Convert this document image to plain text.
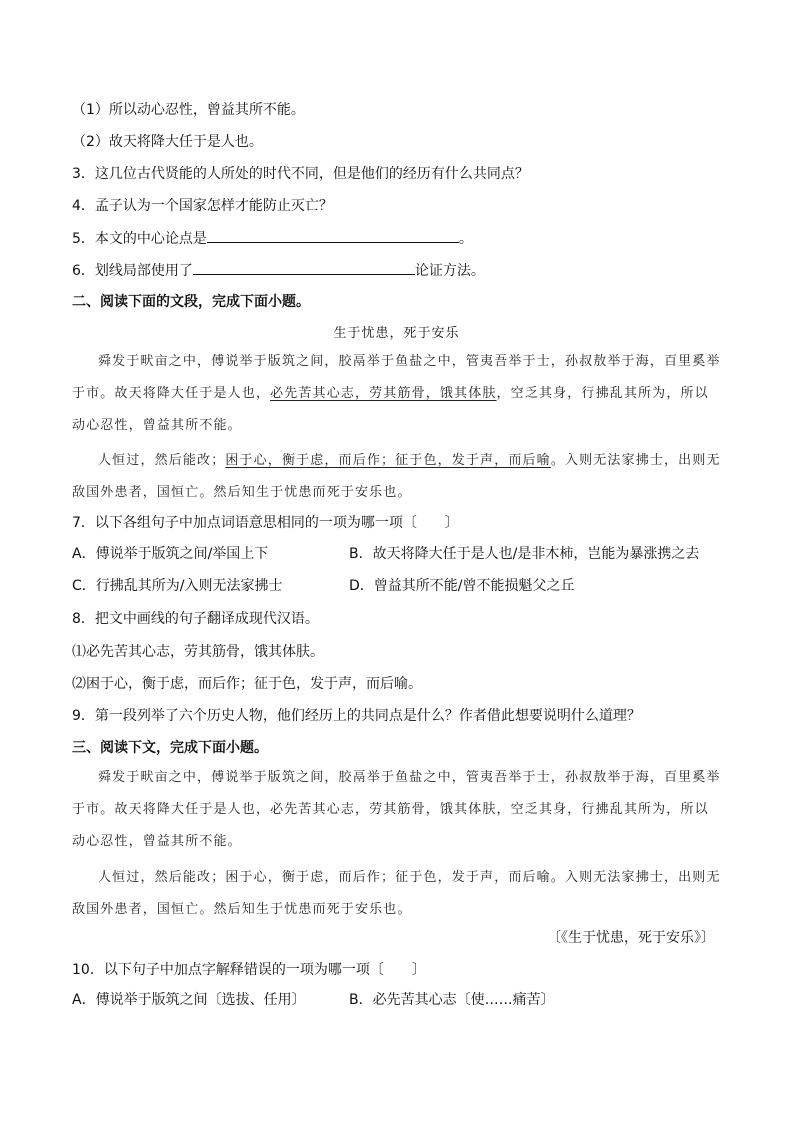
（1）所以动心忍性，曾益其所不能。
（2）故天将降大任于是人也。
3．这几位古代贤能的人所处的时代不同，但是他们的经历有什么共同点？
4．孟子认为一个国家怎样才能防止灭亡？
5．本文的中心论点是	。
6．划线局部使用了	论证方法。
二、阅读下面的文段，完成下面小题。
生于忧患，死于安乐
舜发于畎亩之中，傅说举于版筑之间，胶鬲举于鱼盐之中，管夷吾举于士，孙叔敖举于海，百里奚举于市。故天将降大任于是人也，必先苦其心志，劳其筋骨，饿其体肤，空乏其身，行拂乱其所为，所以动心忍性，曾益其所不能。
人恒过，然后能改；困于心，衡于虑，而后作；征于色，发于声，而后喻。入则无法家拂士，出则无敌国外患者，国恒亡。然后知生于忧患而死于安乐也。
7．以下各组句子中加点词语意思相同的一项为哪一项〔　　〕
A．傅说举于版筑之间/举国上下	B．故天将降大任于是人也/是非木柿，岂能为暴涨携之去
C．行拂乱其所为/入则无法家拂士	D．曾益其所不能/曾不能损魁父之丘
8．把文中画线的句子翻译成现代汉语。
⑴必先苦其心志，劳其筋骨，饿其体肤。
⑵困于心，衡于虑，而后作；征于色，发于声，而后喻。
9．第一段列举了六个历史人物，他们经历上的共同点是什么？作者借此想要说明什么道理？
三、阅读下文，完成下面小题。
舜发于畎亩之中，傅说举于版筑之间，胶鬲举于鱼盐之中，管夷吾举于士，孙叔敖举于海，百里奚举于市。故天将降大任于是人也，必先苦其心志，劳其筋骨，饿其体肤，空乏其身，行拂乱其所为，所以动心忍性，曾益其所不能。
人恒过，然后能改；困于心，衡于虑，而后作；征于色，发于声，而后喻。入则无法家拂士，出则无敌国外患者，国恒亡。然后知生于忧患而死于安乐也。
〔《生于忧患，死于安乐》〕
10．以下句子中加点字解释错误的一项为哪一项〔　　〕
A．傅说举于版筑之间〔选拔、任用〕	B．必先苦其心志〔使……痛苦〕
